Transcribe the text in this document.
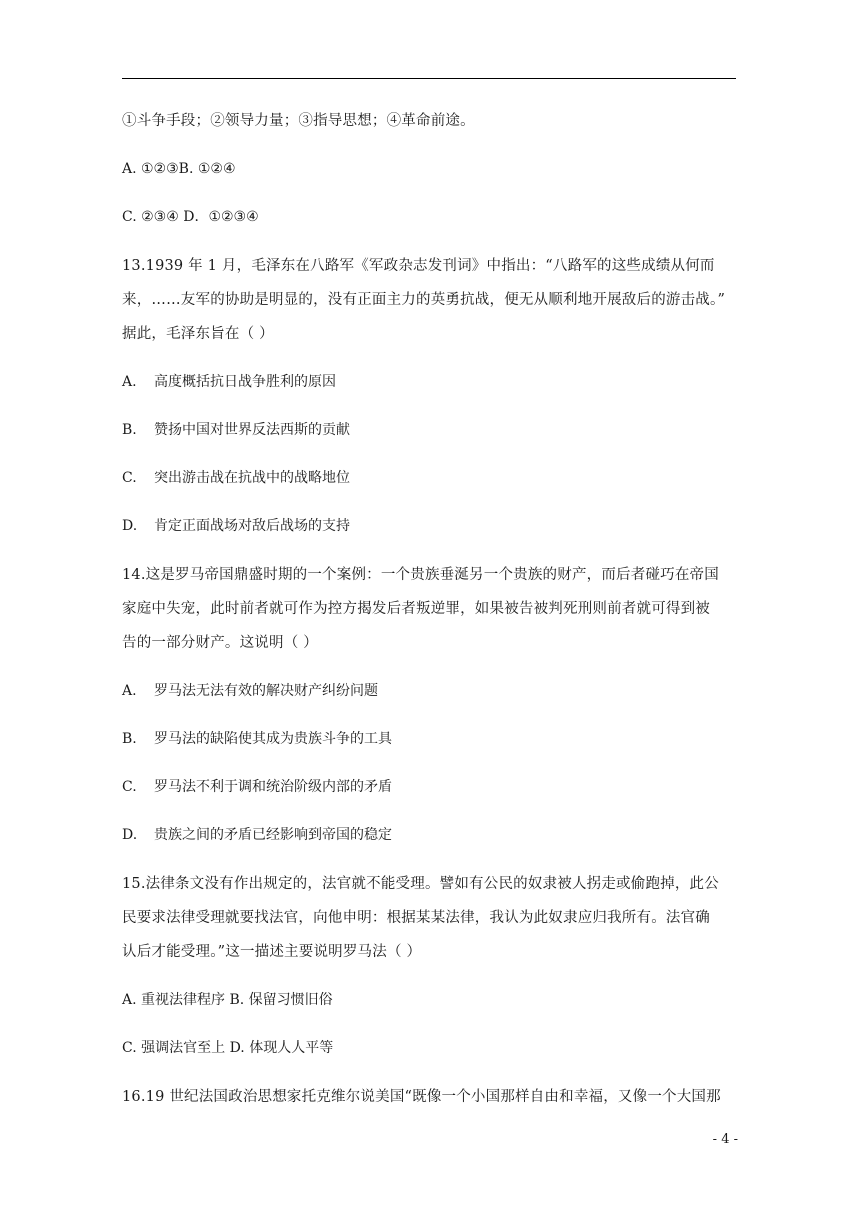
①斗争手段；②领导力量；③指导思想；④革命前途。
A. ①②③B. ①②④
C. ②③④ D．①②③④
13.1939 年 1 月，毛泽东在八路军《军政杂志发刊词》中指出：“八路军的这些成绩从何而
来，……友军的协助是明显的，没有正面主力的英勇抗战，便无从顺利地开展敌后的游击战。”
据此，毛泽东旨在（ ）
A. 高度概括抗日战争胜利的原因
B. 赞扬中国对世界反法西斯的贡献
C. 突出游击战在抗战中的战略地位
D. 肯定正面战场对敌后战场的支持
14.这是罗马帝国鼎盛时期的一个案例：一个贵族垂涎另一个贵族的财产，而后者碰巧在帝国
家庭中失宠，此时前者就可作为控方揭发后者叛逆罪，如果被告被判死刑则前者就可得到被
告的一部分财产。这说明（ ）
A. 罗马法无法有效的解决财产纠纷问题
B. 罗马法的缺陷使其成为贵族斗争的工具
C. 罗马法不利于调和统治阶级内部的矛盾
D. 贵族之间的矛盾已经影响到帝国的稳定
15.法律条文没有作出规定的，法官就不能受理。譬如有公民的奴隶被人拐走或偷跑掉，此公
民要求法律受理就要找法官，向他申明：根据某某法律，我认为此奴隶应归我所有。法官确
认后才能受理。”这一描述主要说明罗马法（ ）
A. 重视法律程序 B. 保留习惯旧俗
C. 强调法官至上 D. 体现人人平等
16.19 世纪法国政治思想家托克维尔说美国“既像一个小国那样自由和幸福，又像一个大国那
- 4 -
